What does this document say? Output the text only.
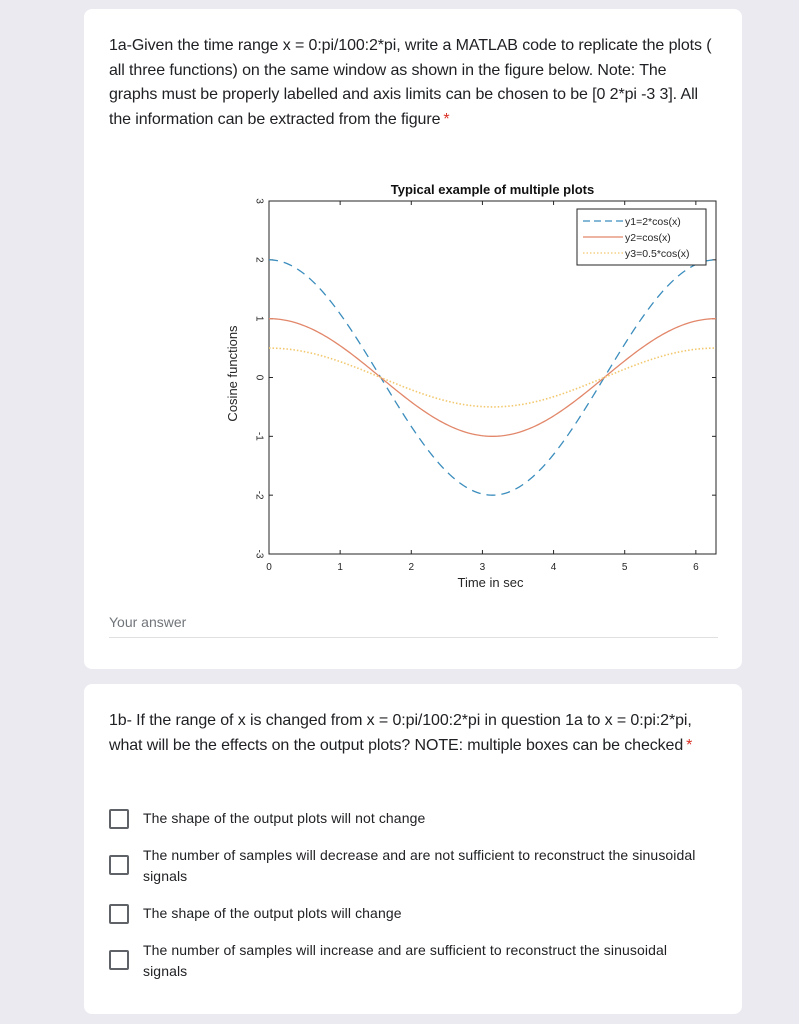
1a-Given the time range x = 0:pi/100:2*pi, write a MATLAB code to replicate the plots ( all three functions) on the same window as shown in the figure below. Note: The graphs must be properly labelled and axis limits can be chosen to be [0 2*pi -3 3]. All the information can be extracted from the figure *
0	1	2	3	4	5	6
3
2
1
0
-1
-2
-3
Typical example of multiple plots
Time in sec
Cosine functions
y1=2*cos(x)
y2=cos(x)
y3=0.5*cos(x)
Your answer
1b- If the range of x is changed from x = 0:pi/100:2*pi in question 1a to x = 0:pi:2*pi, what will be the effects on the output plots? NOTE: multiple boxes can be checked *
The shape of the output plots will not change
The number of samples will decrease and are not sufficient to reconstruct the sinusoidal signals
The shape of the output plots will change
The number of samples will increase and are sufficient to reconstruct the sinusoidal signals
